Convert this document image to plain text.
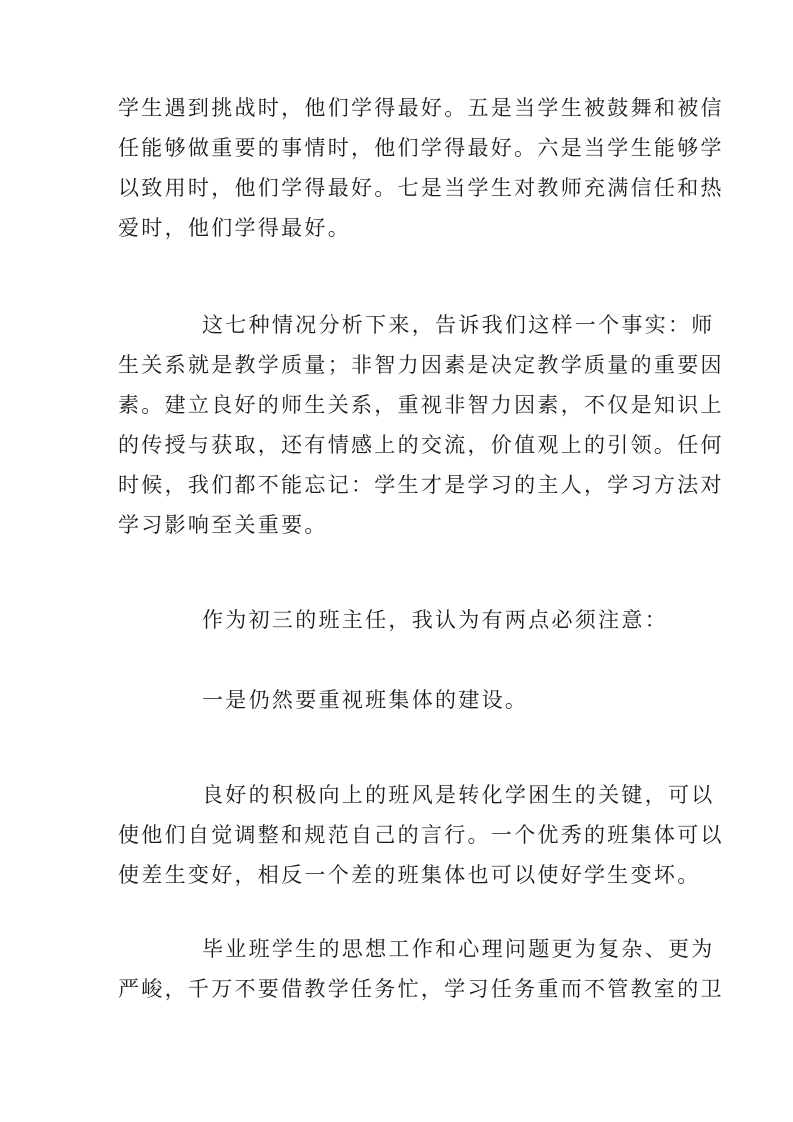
学生遇到挑战时，他们学得最好。五是当学生被鼓舞和被信
任能够做重要的事情时，他们学得最好。六是当学生能够学
以致用时，他们学得最好。七是当学生对教师充满信任和热
爱时，他们学得最好。
这七种情况分析下来，告诉我们这样一个事实：师
生关系就是教学质量；非智力因素是决定教学质量的重要因
素。建立良好的师生关系，重视非智力因素，不仅是知识上
的传授与获取，还有情感上的交流，价值观上的引领。任何
时候，我们都不能忘记：学生才是学习的主人，学习方法对
学习影响至关重要。
作为初三的班主任，我认为有两点必须注意：
一是仍然要重视班集体的建设。
良好的积极向上的班风是转化学困生的关键，可以
使他们自觉调整和规范自己的言行。一个优秀的班集体可以
使差生变好，相反一个差的班集体也可以使好学生变坏。
毕业班学生的思想工作和心理问题更为复杂、更为
严峻，千万不要借教学任务忙，学习任务重而不管教室的卫
